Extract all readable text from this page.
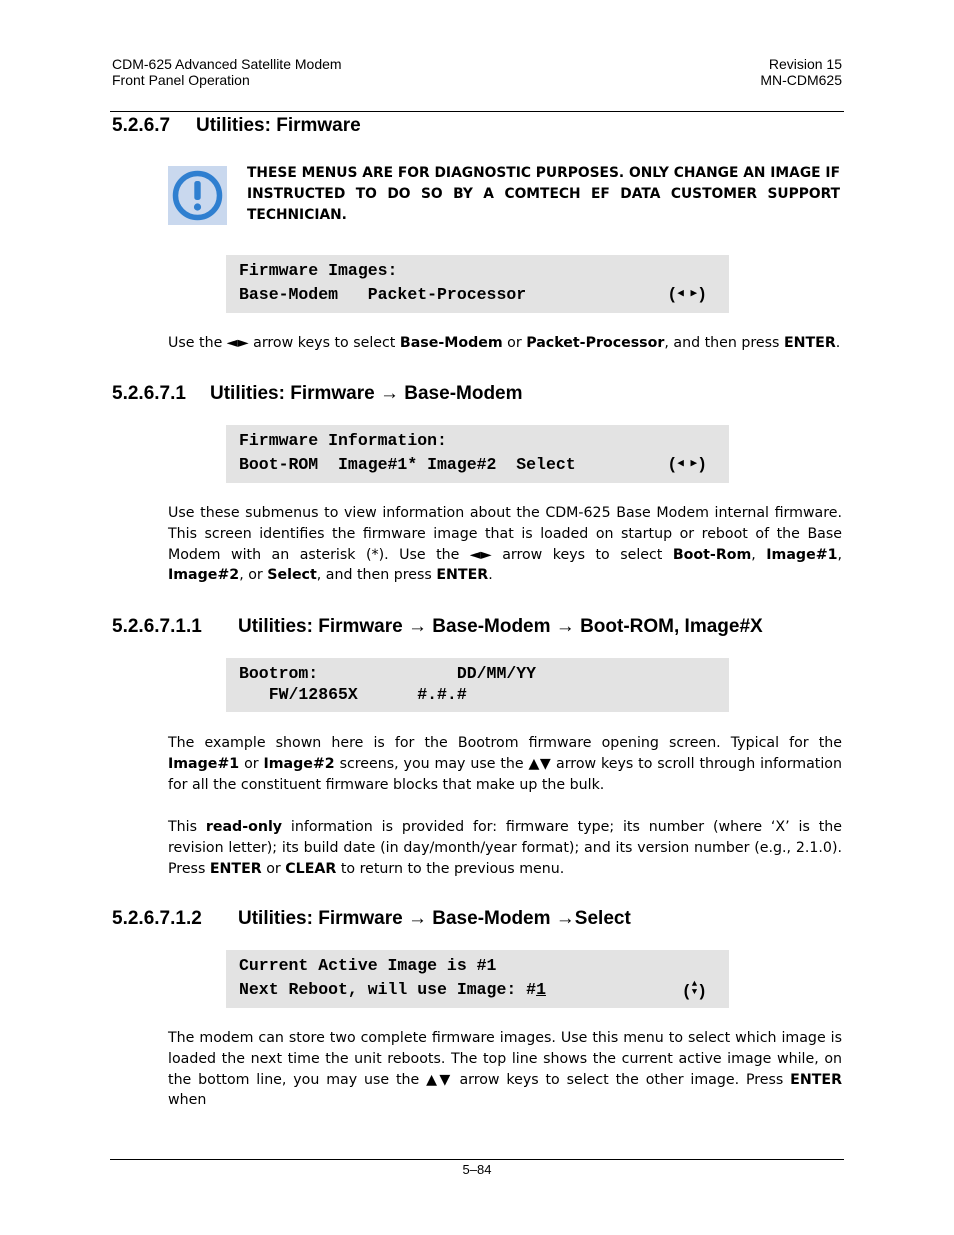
CDM-625 Advanced Satellite Modem
Front Panel Operation
Revision 15
MN-CDM625
5.2.6.7 Utilities: Firmware
THESE MENUS ARE FOR DIAGNOSTIC PURPOSES. ONLY CHANGE AN IMAGE IF INSTRUCTED TO DO SO BY A COMTECH EF DATA CUSTOMER SUPPORT TECHNICIAN.
Firmware Images:
Base-Modem   Packet-Processor	(◀ ▶)
Use the ◄► arrow keys to select Base-Modem or Packet-Processor, and then press ENTER.
5.2.6.7.1 Utilities: Firmware → Base-Modem
Firmware Information:
Boot-ROM  Image#1* Image#2  Select	(◀ ▶)
Use these submenus to view information about the CDM-625 Base Modem internal firmware. This screen identifies the firmware image that is loaded on startup or reboot of the Base Modem with an asterisk (*). Use the ◄► arrow keys to select Boot-Rom, Image#1, Image#2, or Select, and then press ENTER.
5.2.6.7.1.1 Utilities: Firmware → Base-Modem → Boot-ROM, Image#X
Bootrom:              DD/MM/YY
FW/12865X      #.#.#
The example shown here is for the Bootrom firmware opening screen. Typical for the Image#1 or Image#2 screens, you may use the ▲▼ arrow keys to scroll through information for all the constituent firmware blocks that make up the bulk.
This read-only information is provided for: firmware type; its number (where ‘X’ is the revision letter); its build date (in day/month/year format); and its version number (e.g., 2.1.0). Press ENTER or CLEAR to return to the previous menu.
5.2.6.7.1.2 Utilities: Firmware → Base-Modem →Select
Current Active Image is #1
Next Reboot, will use Image: #1	(▲
▼)
The modem can store two complete firmware images. Use this menu to select which image is loaded the next time the unit reboots. The top line shows the current active image while, on the bottom line, you may use the ▲▼ arrow keys to select the other image. Press ENTER when
5–84
